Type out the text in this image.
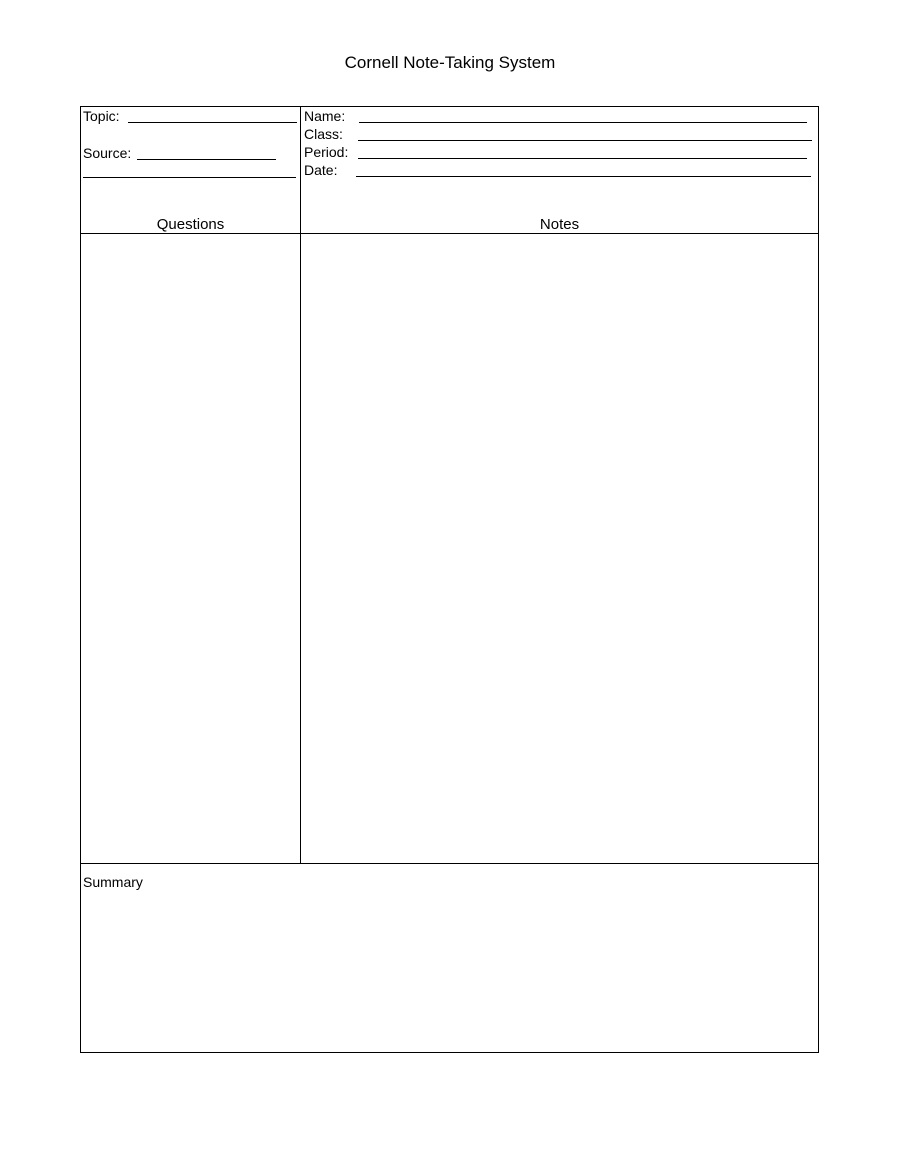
Cornell Note-Taking System
Topic:
Source:
Name:
Class:
Period:
Date:
Questions	Notes
Summary
